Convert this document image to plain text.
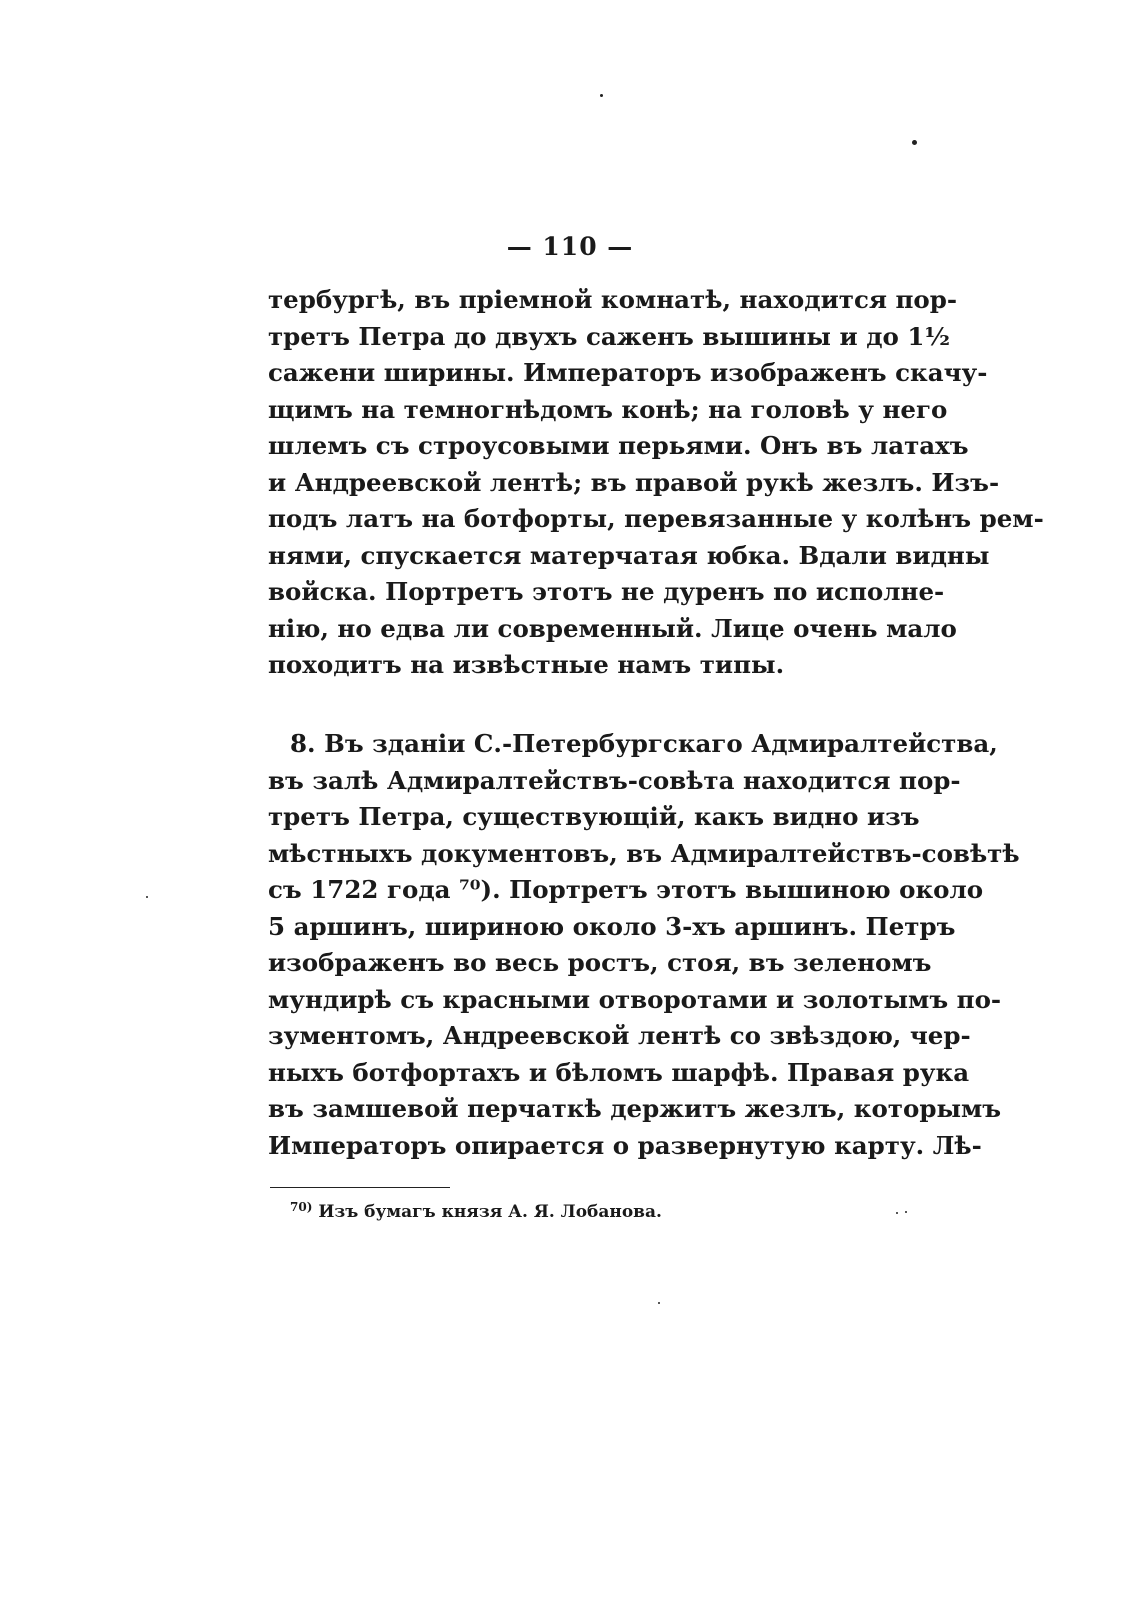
— 110 —
тербургѣ, въ пріемной комнатѣ, находится пор-
третъ Петра до двухъ саженъ вышины и до 1½
сажени ширины. Императоръ изображенъ скачу-
щимъ на темногнѣдомъ конѣ; на головѣ у него
шлемъ съ строусовыми перьями. Онъ въ латахъ
и Андреевской лентѣ; въ правой рукѣ жезлъ. Изъ-
подъ латъ на ботфорты, перевязанные у колѣнъ рем-
нями, спускается матерчатая юбка. Вдали видны
войска. Портретъ этотъ не дуренъ по исполне-
нію, но едва ли современный. Лице очень мало
походитъ на извѣстные намъ типы.
8. Въ зданіи С.-Петербургскаго Адмиралтейства,
въ залѣ Адмиралтействъ-совѣта находится пор-
третъ Петра, существующій, какъ видно изъ
мѣстныхъ документовъ, въ Адмиралтействъ-совѣтѣ
съ 1722 года ⁷⁰). Портретъ этотъ вышиною около
5 аршинъ, шириною около 3-хъ аршинъ. Петръ
изображенъ во весь ростъ, стоя, въ зеленомъ
мундирѣ съ красными отворотами и золотымъ по-
зументомъ, Андреевской лентѣ со звѣздою, чер-
ныхъ ботфортахъ и бѣломъ шарфѣ. Правая рука
въ замшевой перчаткѣ держитъ жезлъ, которымъ
Императоръ опирается о развернутую карту. Лѣ-
$^{70)}$ Изъ бумагъ князя А. Я. Лобанова.
